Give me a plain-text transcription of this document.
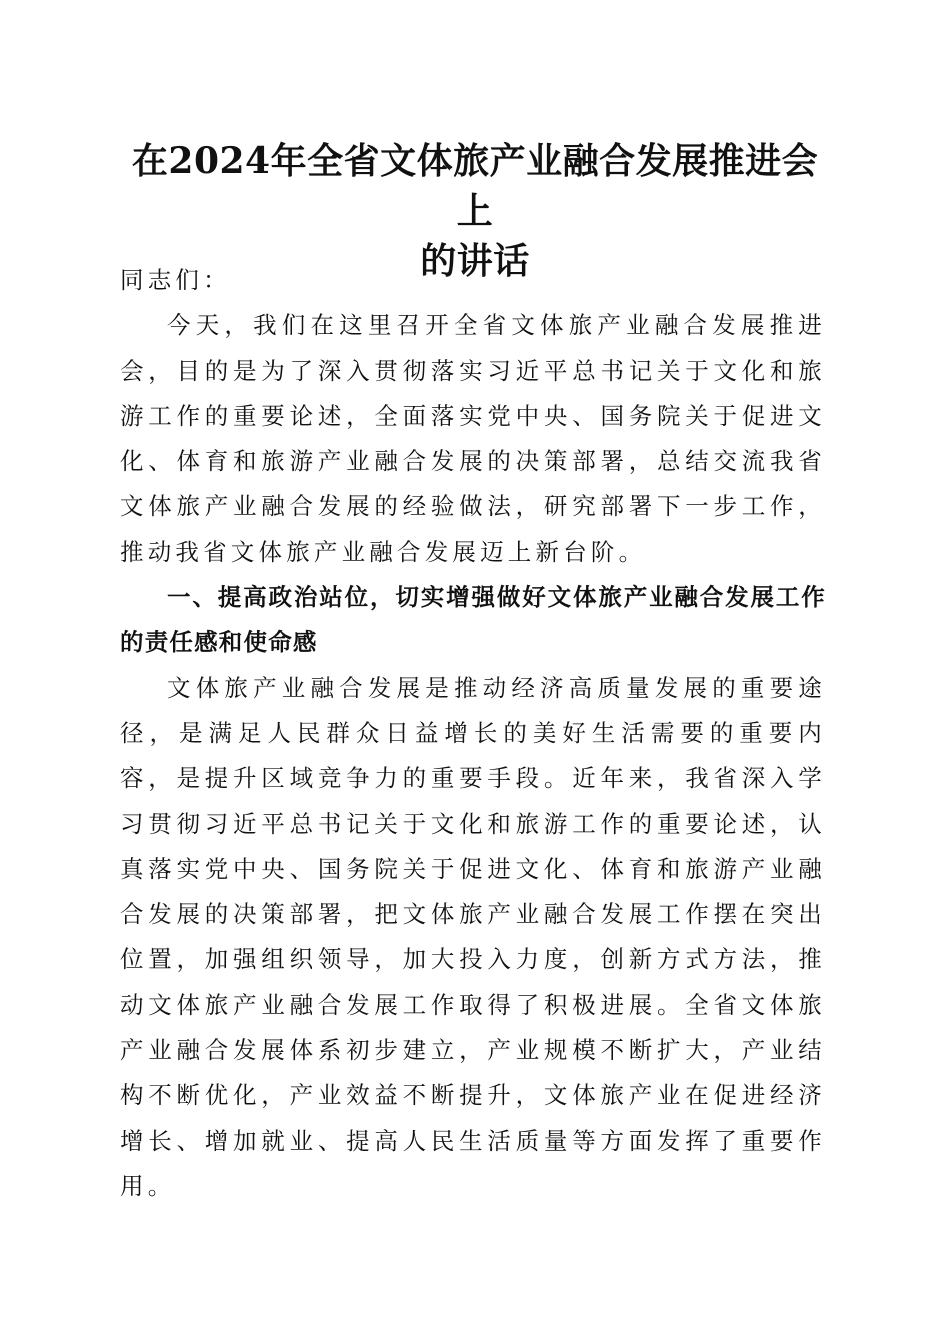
在2024年全省文体旅产业融合发展推进会上
的讲话

同志们：

今天，我们在这里召开全省文体旅产业融合发展推进会，目的是为了深入贯彻落实习近平总书记关于文化和旅游工作的重要论述，全面落实党中央、国务院关于促进文化、体育和旅游产业融合发展的决策部署，总结交流我省文体旅产业融合发展的经验做法，研究部署下一步工作，推动我省文体旅产业融合发展迈上新台阶。

一、提高政治站位，切实增强做好文体旅产业融合发展工作的责任感和使命感

文体旅产业融合发展是推动经济高质量发展的重要途径，是满足人民群众日益增长的美好生活需要的重要内容，是提升区域竞争力的重要手段。近年来，我省深入学习贯彻习近平总书记关于文化和旅游工作的重要论述，认真落实党中央、国务院关于促进文化、体育和旅游产业融合发展的决策部署，把文体旅产业融合发展工作摆在突出位置，加强组织领导，加大投入力度，创新方式方法，推动文体旅产业融合发展工作取得了积极进展。全省文体旅产业融合发展体系初步建立，产业规模不断扩大，产业结构不断优化，产业效益不断提升，文体旅产业在促进经济增长、增加就业、提高人民生活质量等方面发挥了重要作用。
